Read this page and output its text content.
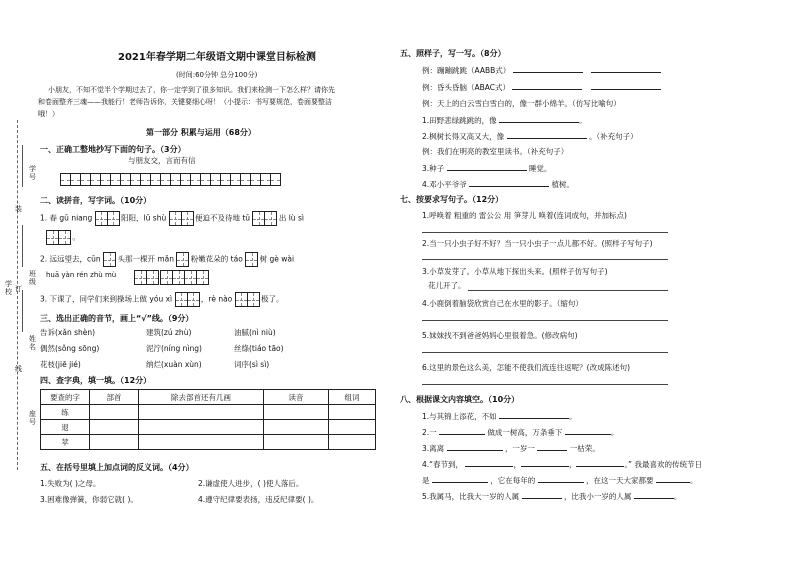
学号
班级
姓名
座号
学校
装
订
线
2021年春学期二年级语文期中课堂目标检测
(时间:60分钟 总分100分)
小朋友，不知不觉半个学期过去了，你一定学到了很多知识。我们来检测一下怎么样？请你先
和卷面整齐三魂——我能行！老师告诉你，关键要细心呀！（小提示：书写要规范，卷面要整洁
哦！）
第一部分 积累与运用（68分）
一、正确工整地抄写下面的句子。（3分）
与朋友交，言而有信
二、读拼音，写字词。（10分）
1. 春 gū niang	阳阳，lū shù	便迫不及待地 tū	出 lù sì
。
2. 远远望去，cūn 头那一棵开 mǎn 粉嫩花朵的 táo 树 gè wài
huā yàn rén zhù mù

3. 下课了，同学们来到操场上做 yóu xì	，rè nào	极了。
三、选出正确的音节，画上“√”线。（9分）
告诉(xǎn shèn)	建筑(zú zhù)	油腻(nì niù)
偶然(sǒng sōng)	泥泞(níng nìng)	丝绦(tiáo tāo)
花枝(jiē jié)	纳烂(xuàn xùn)	词序(sì sì)
四、查字典，填一填。（12分）
要查的字	部首	除去部首还有几画	读音	组词
练				
退				
苹				
五、在括号里填上加点词的反义词。（4分）
1.失败为( )之母。	2.谦虚使人进步，( )使人落后。
3.困难像弹簧，你弱它就( )。	4.遵守纪律要表扬，违反纪律要( )。
五、照样子，写一写。（8分）
例：蹦蹦跳跳（AABB式）
例：昏头昏脑（ABAC式）
例：天上的白云雪白雪白的，像一群小绵羊。（仿写比喻句）
1.田野悲绿跳跳的，像	。
2.枫树长得又高又大，像	。（补充句子）
例：我们在明亮的教室里读书。（补充句子）
3.种子	睡觉。
4.邓小平爷爷	植树。
七、按要求写句子。（12分）
1.呼唤着 粗重的 雷公公 用 笋芽儿 唤着(连词成句，并加标点)
2.当一只小虫子好不好？当一只小虫子一点儿都不好。(照样子写句子)
3.小草发芽了。小草从地下探出头来。(照样子仿写句子)
花儿开了。
4.小鹿倒着脑袋欣赏自己在水里的影子。（缩句）
5.妹妹找不到爸爸妈妈心里很着急。(修改病句)
6.这里的景色这么美，怎能不使我们流连往返呢？(改成陈述句)
八、根据课文内容填空。（10分）
1.与其锦上添花，不如	。
2.一	做成一树高，万条垂下	。
3.离离	，一岁一	一枯荣。
4.“春节到，	，	，	。” 我最喜欢的传统节日
是	，它在每年的	，在这一天大家都要	。
5.我属马，比我大一岁的人属	，比我小一岁的人属	。
